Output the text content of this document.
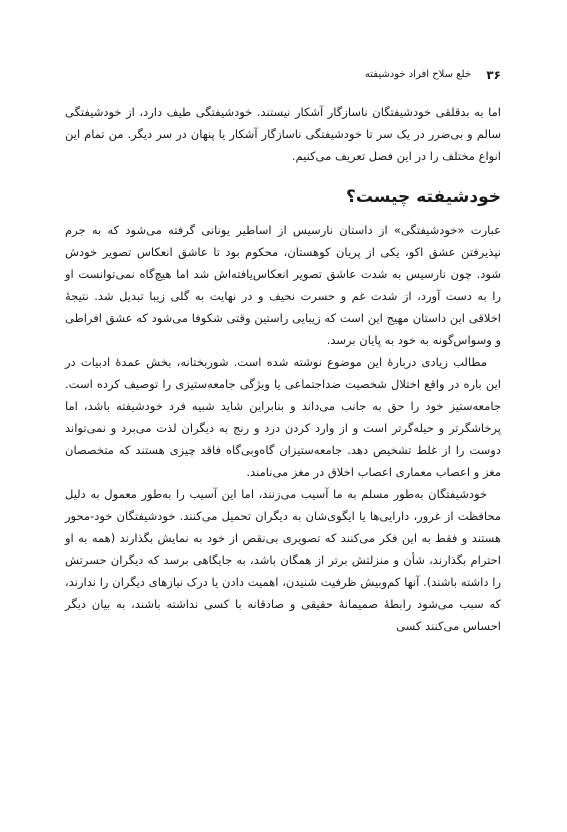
۳۶
خلع سلاح افراد خودشیفته

اما به بدقلقی خودشیفتگان ناسازگار آشکار نیستند. خودشیفتگی طیف دارد، از خودشیفتگی سالم و بی‌ضرر در یک سر تا خودشیفتگی ناسازگار آشکار یا پنهان در سر دیگر. من تمام این انواع مختلف را در این فصل تعریف می‌کنیم.

خودشیفته چیست؟

عبارت «خودشیفتگی» از داستان نارسیس از اساطیر یونانی گرفته می‌شود که به جرم نپذیرفتن عشق اکو، یکی از پریان کوهستان، محکوم بود تا عاشق انعکاس تصویر خودش شود. چون نارسیس به شدت عاشق تصویر انعکاس‌یافته‌اش شد اما هیچ‌گاه نمی‌توانست او را به دست آورد، از شدت غم و حسرت نحیف و در نهایت به گلی زیبا تبدیل شد. نتیجهٔ اخلاقی این داستان مهیج این است که زیبایی راستین وقتی شکوفا می‌شود که عشق افراطی و وسواس‌گونه به خود به پایان برسد.

مطالب زیادی دربارهٔ این موضوع نوشته شده است. شوربختانه، بخش عمدهٔ ادبیات در این باره در واقع اختلال شخصیت ضداجتماعی یا ویژگی جامعه‌ستیزی را توصیف کرده است. جامعه‌ستیز خود را حق به جانب می‌داند و بنابراین شاید شبیه فرد خودشیفته باشد، اما پرخاشگرتر و حیله‌گرتر است و از وارد کردن درد و رنج به دیگران لذت می‌برد و نمی‌تواند دوست را از غلط تشخیص دهد. جامعه‌ستیزان گاه‌وبی‌گاه فاقد چیزی هستند که متخصصان مغز و اعصاب معماری اعصاب اخلاق در مغز می‌نامند.

خودشیفتگان به‌طور مسلم به ما آسیب می‌زنند، اما این آسیب را به‌طور معمول به دلیل محافظت از غرور، دارایی‌ها یا ایگوی‌شان به دیگران تحمیل می‌کنند. خودشیفتگان خود-محور هستند و فقط به این فکر می‌کنند که تصویری بی‌نقص از خود به نمایش بگذارند (همه به او احترام بگذارند، شأن و منزلتش برتر از همگان باشد، به جایگاهی برسد که دیگران حسرتش را داشته باشند). آنها کم‌وبیش ظرفیت شنیدن، اهمیت دادن یا درک نیازهای دیگران را ندارند، که سبب می‌شود رابطهٔ صمیمانهٔ حقیقی و صادقانه با کسی نداشته باشند، به بیان دیگر احساس می‌کنند کسی
